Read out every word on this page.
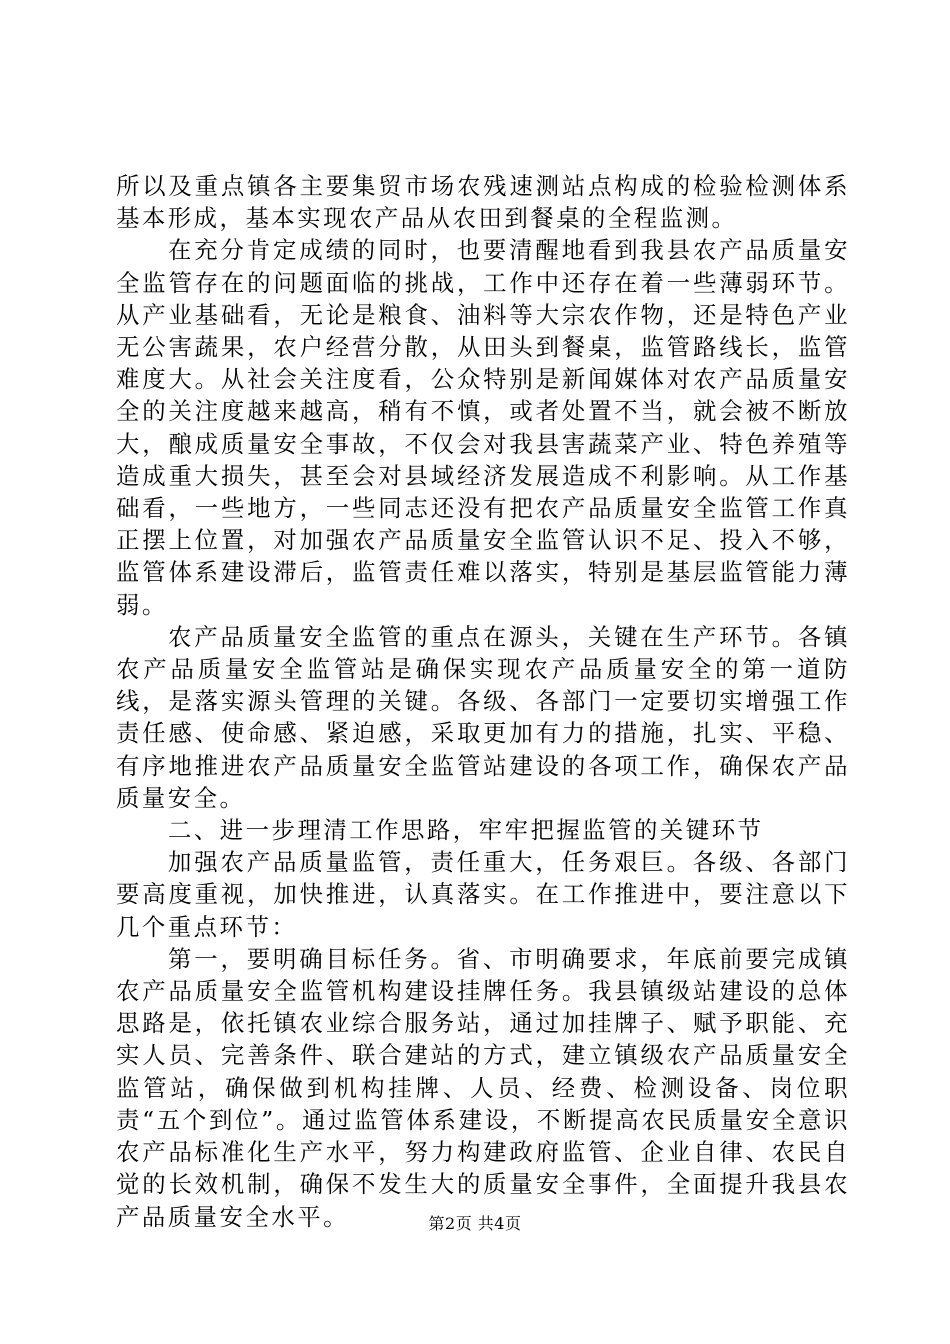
所以及重点镇各主要集贸市场农残速测站点构成的检验检测体系基本形成，基本实现农产品从农田到餐桌的全程监测。

在充分肯定成绩的同时，也要清醒地看到我县农产品质量安全监管存在的问题面临的挑战，工作中还存在着一些薄弱环节。从产业基础看，无论是粮食、油料等大宗农作物，还是特色产业无公害蔬果，农户经营分散，从田头到餐桌，监管路线长，监管难度大。从社会关注度看，公众特别是新闻媒体对农产品质量安全的关注度越来越高，稍有不慎，或者处置不当，就会被不断放大，酿成质量安全事故，不仅会对我县害蔬菜产业、特色养殖等造成重大损失，甚至会对县域经济发展造成不利影响。从工作基础看，一些地方，一些同志还没有把农产品质量安全监管工作真正摆上位置，对加强农产品质量安全监管认识不足、投入不够，监管体系建设滞后，监管责任难以落实，特别是基层监管能力薄弱。

农产品质量安全监管的重点在源头，关键在生产环节。各镇农产品质量安全监管站是确保实现农产品质量安全的第一道防线，是落实源头管理的关键。各级、各部门一定要切实增强工作责任感、使命感、紧迫感，采取更加有力的措施，扎实、平稳、有序地推进农产品质量安全监管站建设的各项工作，确保农产品质量安全。

二、进一步理清工作思路，牢牢把握监管的关键环节

加强农产品质量监管，责任重大，任务艰巨。各级、各部门要高度重视，加快推进，认真落实。在工作推进中，要注意以下几个重点环节：

第一，要明确目标任务。省、市明确要求，年底前要完成镇农产品质量安全监管机构建设挂牌任务。我县镇级站建设的总体思路是，依托镇农业综合服务站，通过加挂牌子、赋予职能、充实人员、完善条件、联合建站的方式，建立镇级农产品质量安全监管站，确保做到机构挂牌、人员、经费、检测设备、岗位职责“五个到位”。通过监管体系建设，不断提高农民质量安全意识农产品标准化生产水平，努力构建政府监管、企业自律、农民自觉的长效机制，确保不发生大的质量安全事件，全面提升我县农产品质量安全水平。	第2页 共4页
